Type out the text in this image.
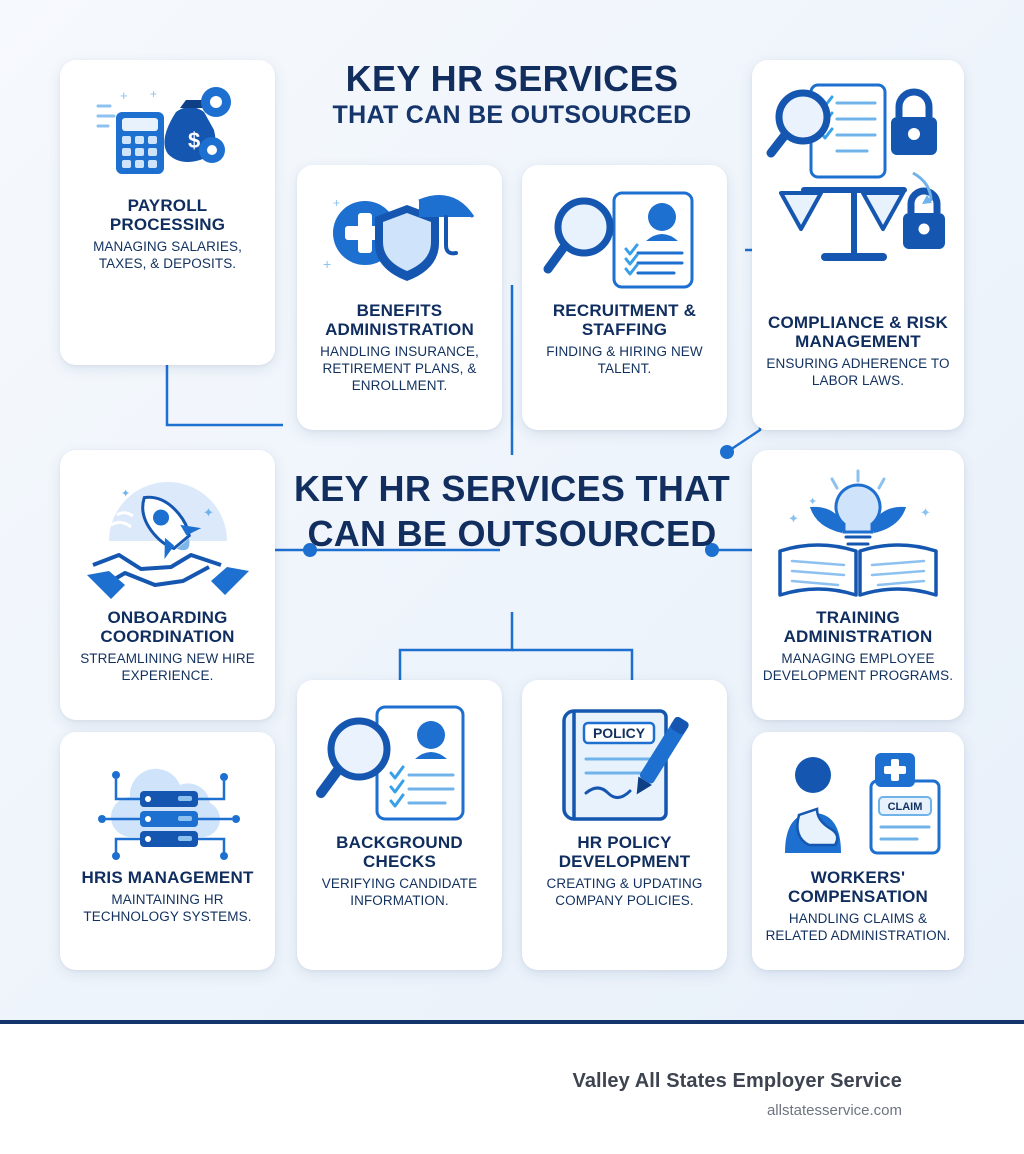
KEY HR SERVICES
THAT CAN BE OUTSOURCED
KEY HR SERVICES THAT CAN BE OUTSOURCED
$
+ +
PAYROLL PROCESSING
MANAGING SALARIES, TAXES, & DEPOSITS.	+
+
BENEFITS ADMINISTRATION
HANDLING INSURANCE, RETIREMENT PLANS, & ENROLLMENT.
RECRUITMENT & STAFFING
FINDING & HIRING NEW TALENT.
COMPLIANCE & RISK MANAGEMENT
ENSURING ADHERENCE TO LABOR LAWS.
✦
✦
ONBOARDING COORDINATION
STREAMLINING NEW HIRE EXPERIENCE.
✦	✦
✦
TRAINING ADMINISTRATION
MANAGING EMPLOYEE DEVELOPMENT PROGRAMS.
HRIS MANAGEMENT
MAINTAINING HR TECHNOLOGY SYSTEMS.
BACKGROUND CHECKS
VERIFYING CANDIDATE INFORMATION.
POLICY
HR POLICY DEVELOPMENT
CREATING & UPDATING COMPANY POLICIES.
CLAIM
WORKERS' COMPENSATION
HANDLING CLAIMS & RELATED ADMINISTRATION.
Valley All States Employer Service
allstatesservice.com
